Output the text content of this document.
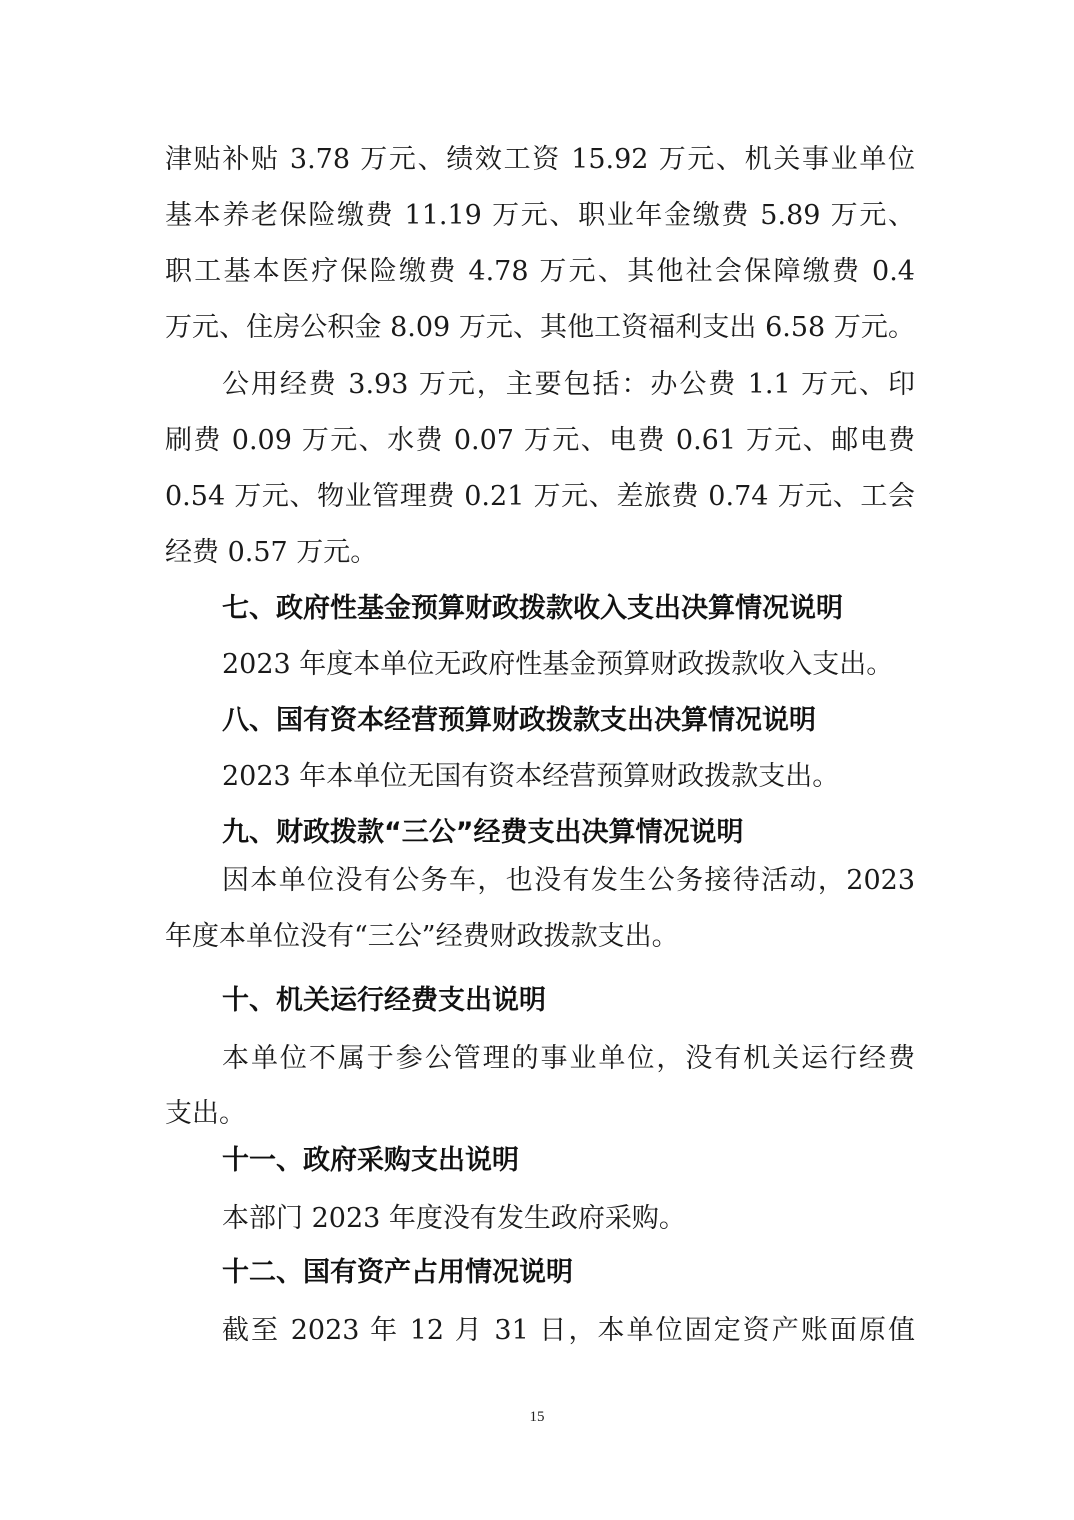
津贴补贴 3.78 万元、绩效工资 15.92 万元、机关事业单位
基本养老保险缴费 11.19 万元、职业年金缴费 5.89 万元、
职工基本医疗保险缴费 4.78 万元、其他社会保障缴费 0.4
万元、住房公积金 8.09 万元、其他工资福利支出 6.58 万元。
公用经费 3.93 万元，主要包括：办公费 1.1 万元、印
刷费 0.09 万元、水费 0.07 万元、电费 0.61 万元、邮电费
0.54 万元、物业管理费 0.21 万元、差旅费 0.74 万元、工会
经费 0.57 万元。
七、政府性基金预算财政拨款收入支出决算情况说明
2023 年度本单位无政府性基金预算财政拨款收入支出。
八、国有资本经营预算财政拨款支出决算情况说明
2023 年本单位无国有资本经营预算财政拨款支出。
九、财政拨款“三公”经费支出决算情况说明
因本单位没有公务车，也没有发生公务接待活动，2023
年度本单位没有“三公”经费财政拨款支出。
十、机关运行经费支出说明
本单位不属于参公管理的事业单位，没有机关运行经费
支出。
十一、政府采购支出说明
本部门 2023 年度没有发生政府采购。
十二、国有资产占用情况说明
截至 2023 年 12 月 31 日，本单位固定资产账面原值
15
